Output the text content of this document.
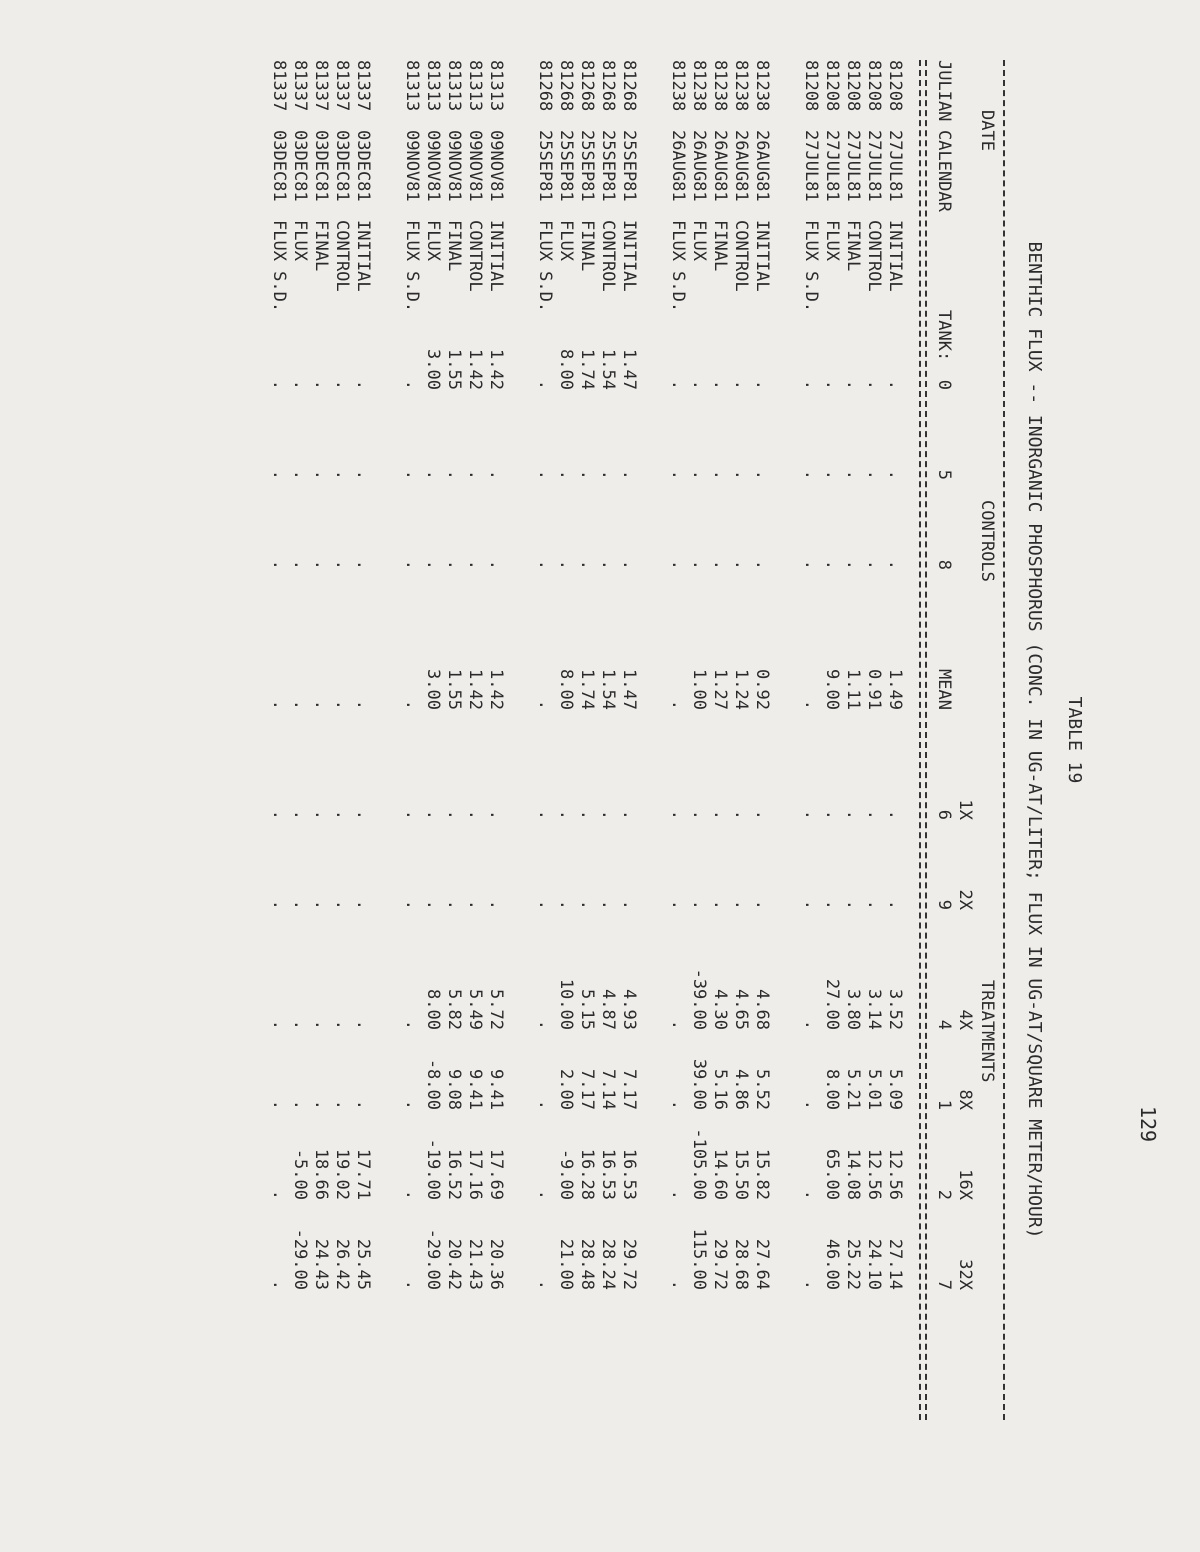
129
TABLE 19
BENTHIC FLUX -- INORGANIC PHOSPHORUS (CONC. IN UG-AT/LITER; FLUX IN UG-AT/SQUARE METER/HOUR)

DATE

CONTROLS

TREATMENTS

1X
2X
4X
8X
16X
32X

JULIAN

CALENDAR

TANK:

0
5
8
MEAN
6
9
4
1
2
7
81208
27JUL81
INITIAL
.
.
.
1.49
.
.
3.52
5.09
12.56
27.14
81208
27JUL81
CONTROL
.
.
.
0.91
.
.
3.14
5.01
12.56
24.10
81208
27JUL81
FINAL
.
.
.
1.11
.
.
3.80
5.21
14.08
25.22
81208
27JUL81
FLUX
.
.
.
9.00
.
.
27.00
8.00
65.00
46.00
81208
27JUL81
FLUX S.D.
.
.
.
.
.
.
.
.
.
.
81238
26AUG81
INITIAL
.
.
.
0.92
.
.
4.68
5.52
15.82
27.64
81238
26AUG81
CONTROL
.
.
.
1.24
.
.
4.65
4.86
15.50
28.68
81238
26AUG81
FINAL
.
.
.
1.27
.
.
4.30
5.16
14.60
29.72
81238
26AUG81
FLUX
.
.
.
1.00
.
.
-39.00
39.00
-105.00
115.00
81238
26AUG81
FLUX S.D.
.
.
.
.
.
.
.
.
.
.
81268
25SEP81
INITIAL
1.47
.
.
1.47
.
.
4.93
7.17
16.53
29.72
81268
25SEP81
CONTROL
1.54
.
.
1.54
.
.
4.87
7.14
16.53
28.24
81268
25SEP81
FINAL
1.74
.
.
1.74
.
.
5.15
7.17
16.28
28.48
81268
25SEP81
FLUX
8.00
.
.
8.00
.
.
10.00
2.00
-9.00
21.00
81268
25SEP81
FLUX S.D.
.
.
.
.
.
.
.
.
.
.
81313
09NOV81
INITIAL
1.42
.
.
1.42
.
.
5.72
9.41
17.69
20.36
81313
09NOV81
CONTROL
1.42
.
.
1.42
.
.
5.49
9.41
17.16
21.43
81313
09NOV81
FINAL
1.55
.
.
1.55
.
.
5.82
9.08
16.52
20.42
81313
09NOV81
FLUX
3.00
.
.
3.00
.
.
8.00
-8.00
-19.00
-29.00
81313
09NOV81
FLUX S.D.
.
.
.
.
.
.
.
.
.
.
81337
03DEC81
INITIAL
.
.
.
.
.
.
.
.
17.71
25.45
81337
03DEC81
CONTROL
.
.
.
.
.
.
.
.
19.02
26.42
81337
03DEC81
FINAL
.
.
.
.
.
.
.
.
18.66
24.43
81337
03DEC81
FLUX
.
.
.
.
.
.
.
.
-5.00
-29.00
81337
03DEC81
FLUX S.D.
.
.
.
.
.
.
.
.
.
.
